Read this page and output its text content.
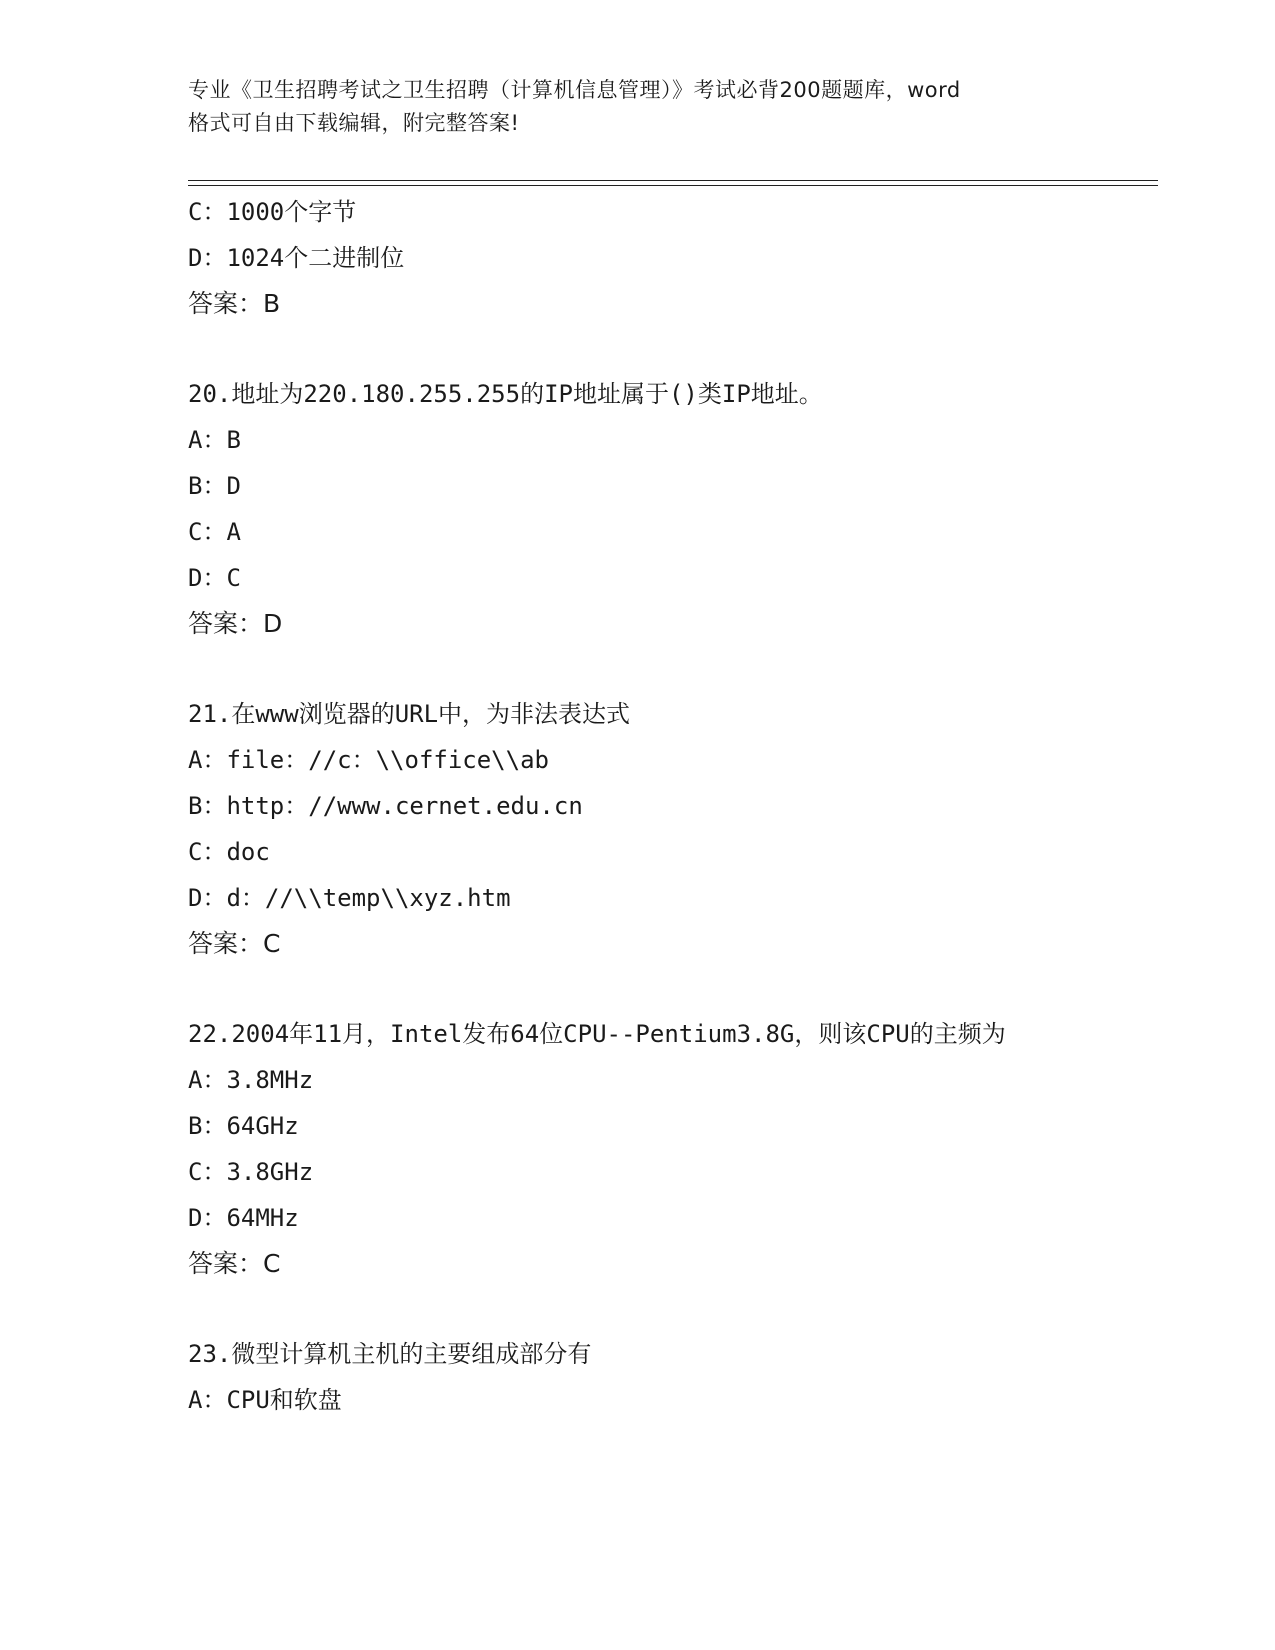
专业《卫生招聘考试之卫生招聘（计算机信息管理）》考试必背200题题库，word
格式可自由下载编辑，附完整答案!
C：1000个字节
D：1024个二进制位
答案：B
20.地址为220.180.255.255的IP地址属于()类IP地址。
A：B
B：D
C：A
D：C
答案：D
21.在www浏览器的URL中，为非法表达式
A：file：//c：\\office\\ab
B：http：//www.cernet.edu.cn
C：doc
D：d：//\\temp\\xyz.htm
答案：C
22.2004年11月，Intel发布64位CPU--Pentium3.8G，则该CPU的主频为
A：3.8MHz
B：64GHz
C：3.8GHz
D：64MHz
答案：C
23.微型计算机主机的主要组成部分有
A：CPU和软盘
